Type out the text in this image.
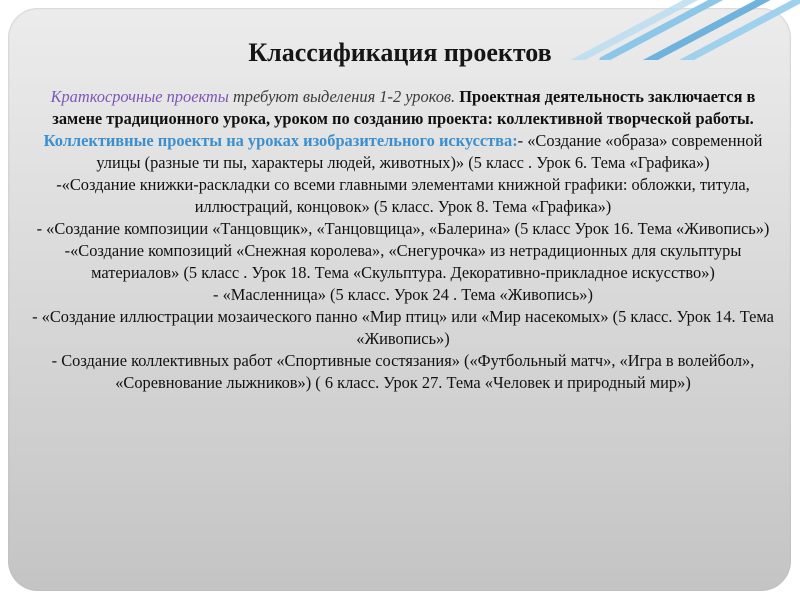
Классификация проектов
Краткосрочные проекты требуют выделения 1-2 уроков. Проектная деятельность заключается в замене традиционного урока, уроком по созданию проекта: коллективной творческой работы. Коллективные проекты на уроках изобразительного искусства:- «Создание «образа» современной улицы (разные ти пы, характеры людей, животных)» (5 класс . Урок 6. Тема «Графика»)
-«Создание книжки-раскладки со всеми главными элементами книжной графики: обложки, титула, иллюстраций, концовок» (5 класс. Урок 8. Тема «Графика»)
- «Создание композиции «Танцовщик», «Танцовщица», «Балерина» (5 класс Урок 16. Тема «Живопись»)
-«Создание композиций «Снежная королева», «Снегурочка» из нетрадиционных для скульптуры материалов» (5 класс . Урок 18. Тема «Скульптура. Декоративно-прикладное искусство»)
- «Масленница» (5 класс. Урок 24 . Тема «Живопись»)
- «Создание иллюстрации мозаического панно «Мир птиц» или «Мир насекомых» (5 класс. Урок 14. Тема «Живопись»)
- Создание коллективных работ «Спортивные состязания» («Футбольный матч», «Игра в волейбол», «Соревнование лыжников») ( 6 класс. Урок 27. Тема «Человек и природный мир»)
